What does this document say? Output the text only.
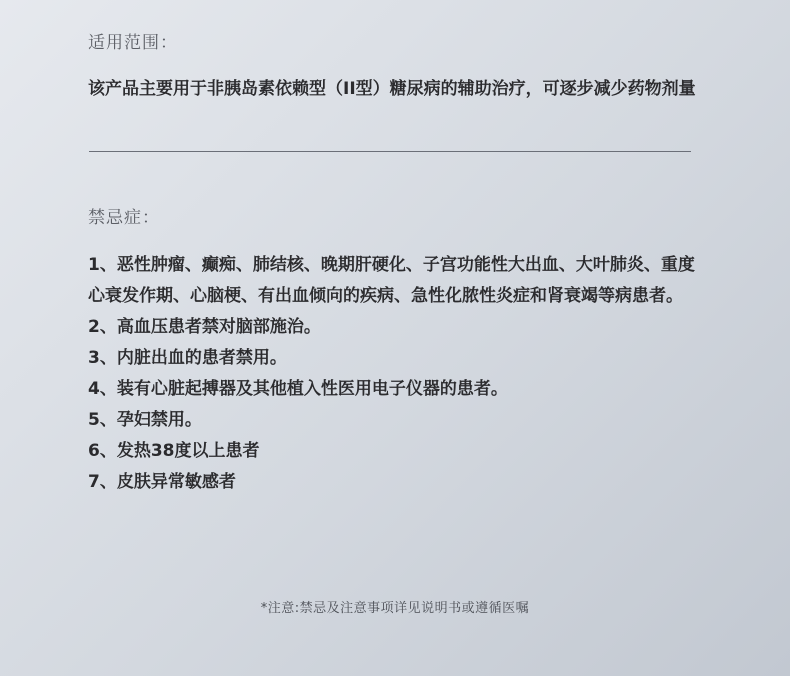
适用范围：

该产品主要用于非胰岛素依赖型（II型）糖尿病的辅助治疗，可逐步减少药物剂量

禁忌症：
1、恶性肿瘤、癫痴、肺结核、晚期肝硬化、子宫功能性大出血、大叶肺炎、重度心衰发作期、心脑梗、有出血倾向的疾病、急性化脓性炎症和肾衰竭等病患者。
2、高血压患者禁对脑部施治。
3、内脏出血的患者禁用。
4、装有心脏起搏器及其他植入性医用电子仪器的患者。
5、孕妇禁用。
6、发热38度以上患者
7、皮肤异常敏感者
*注意:禁忌及注意事项详见说明书或遵循医嘱
